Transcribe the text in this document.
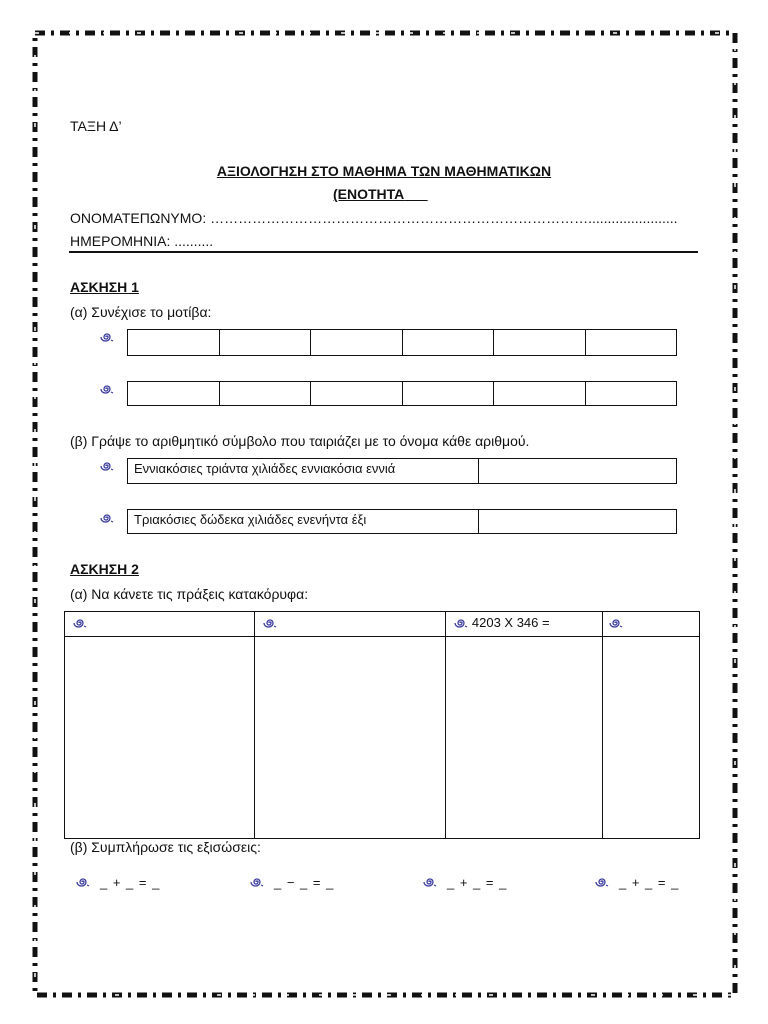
ΤΑΞΗ Δ’
ΑΞΙΟΛΟΓΗΣΗ ΣΤΟ ΜΑΘΗΜΑ ΤΩΝ ΜΑΘΗΜΑΤΙΚΩΝ
(ΕΝΟΤΗΤΑ
ΟΝΟΜΑΤΕΠΩΝΥΜΟ: ……………………………………………………………………….......................
ΗΜΕΡΟΜΗΝΙΑ: ..........
ΑΣΚΗΣΗ 1
(α) Συνέχισε το μοτίβα:

(β) Γράψε το αριθμητικό σύμβολο που ταιριάζει με το όνομα κάθε αριθμού.
Εννιακόσιες τριάντα χιλιάδες εννιακόσια εννιά	
Τριακόσιες δώδεκα χιλιάδες ενενήντα έξι	
ΑΣΚΗΣΗ 2
(α) Να κάνετε τις πράξεις κατακόρυφα:
		4203 X 346 =	

(β) Συμπλήρωσε τις εξισώσεις:
_ + _ = _	_ − _ = _	_ + _ = _	_ + _ = _
